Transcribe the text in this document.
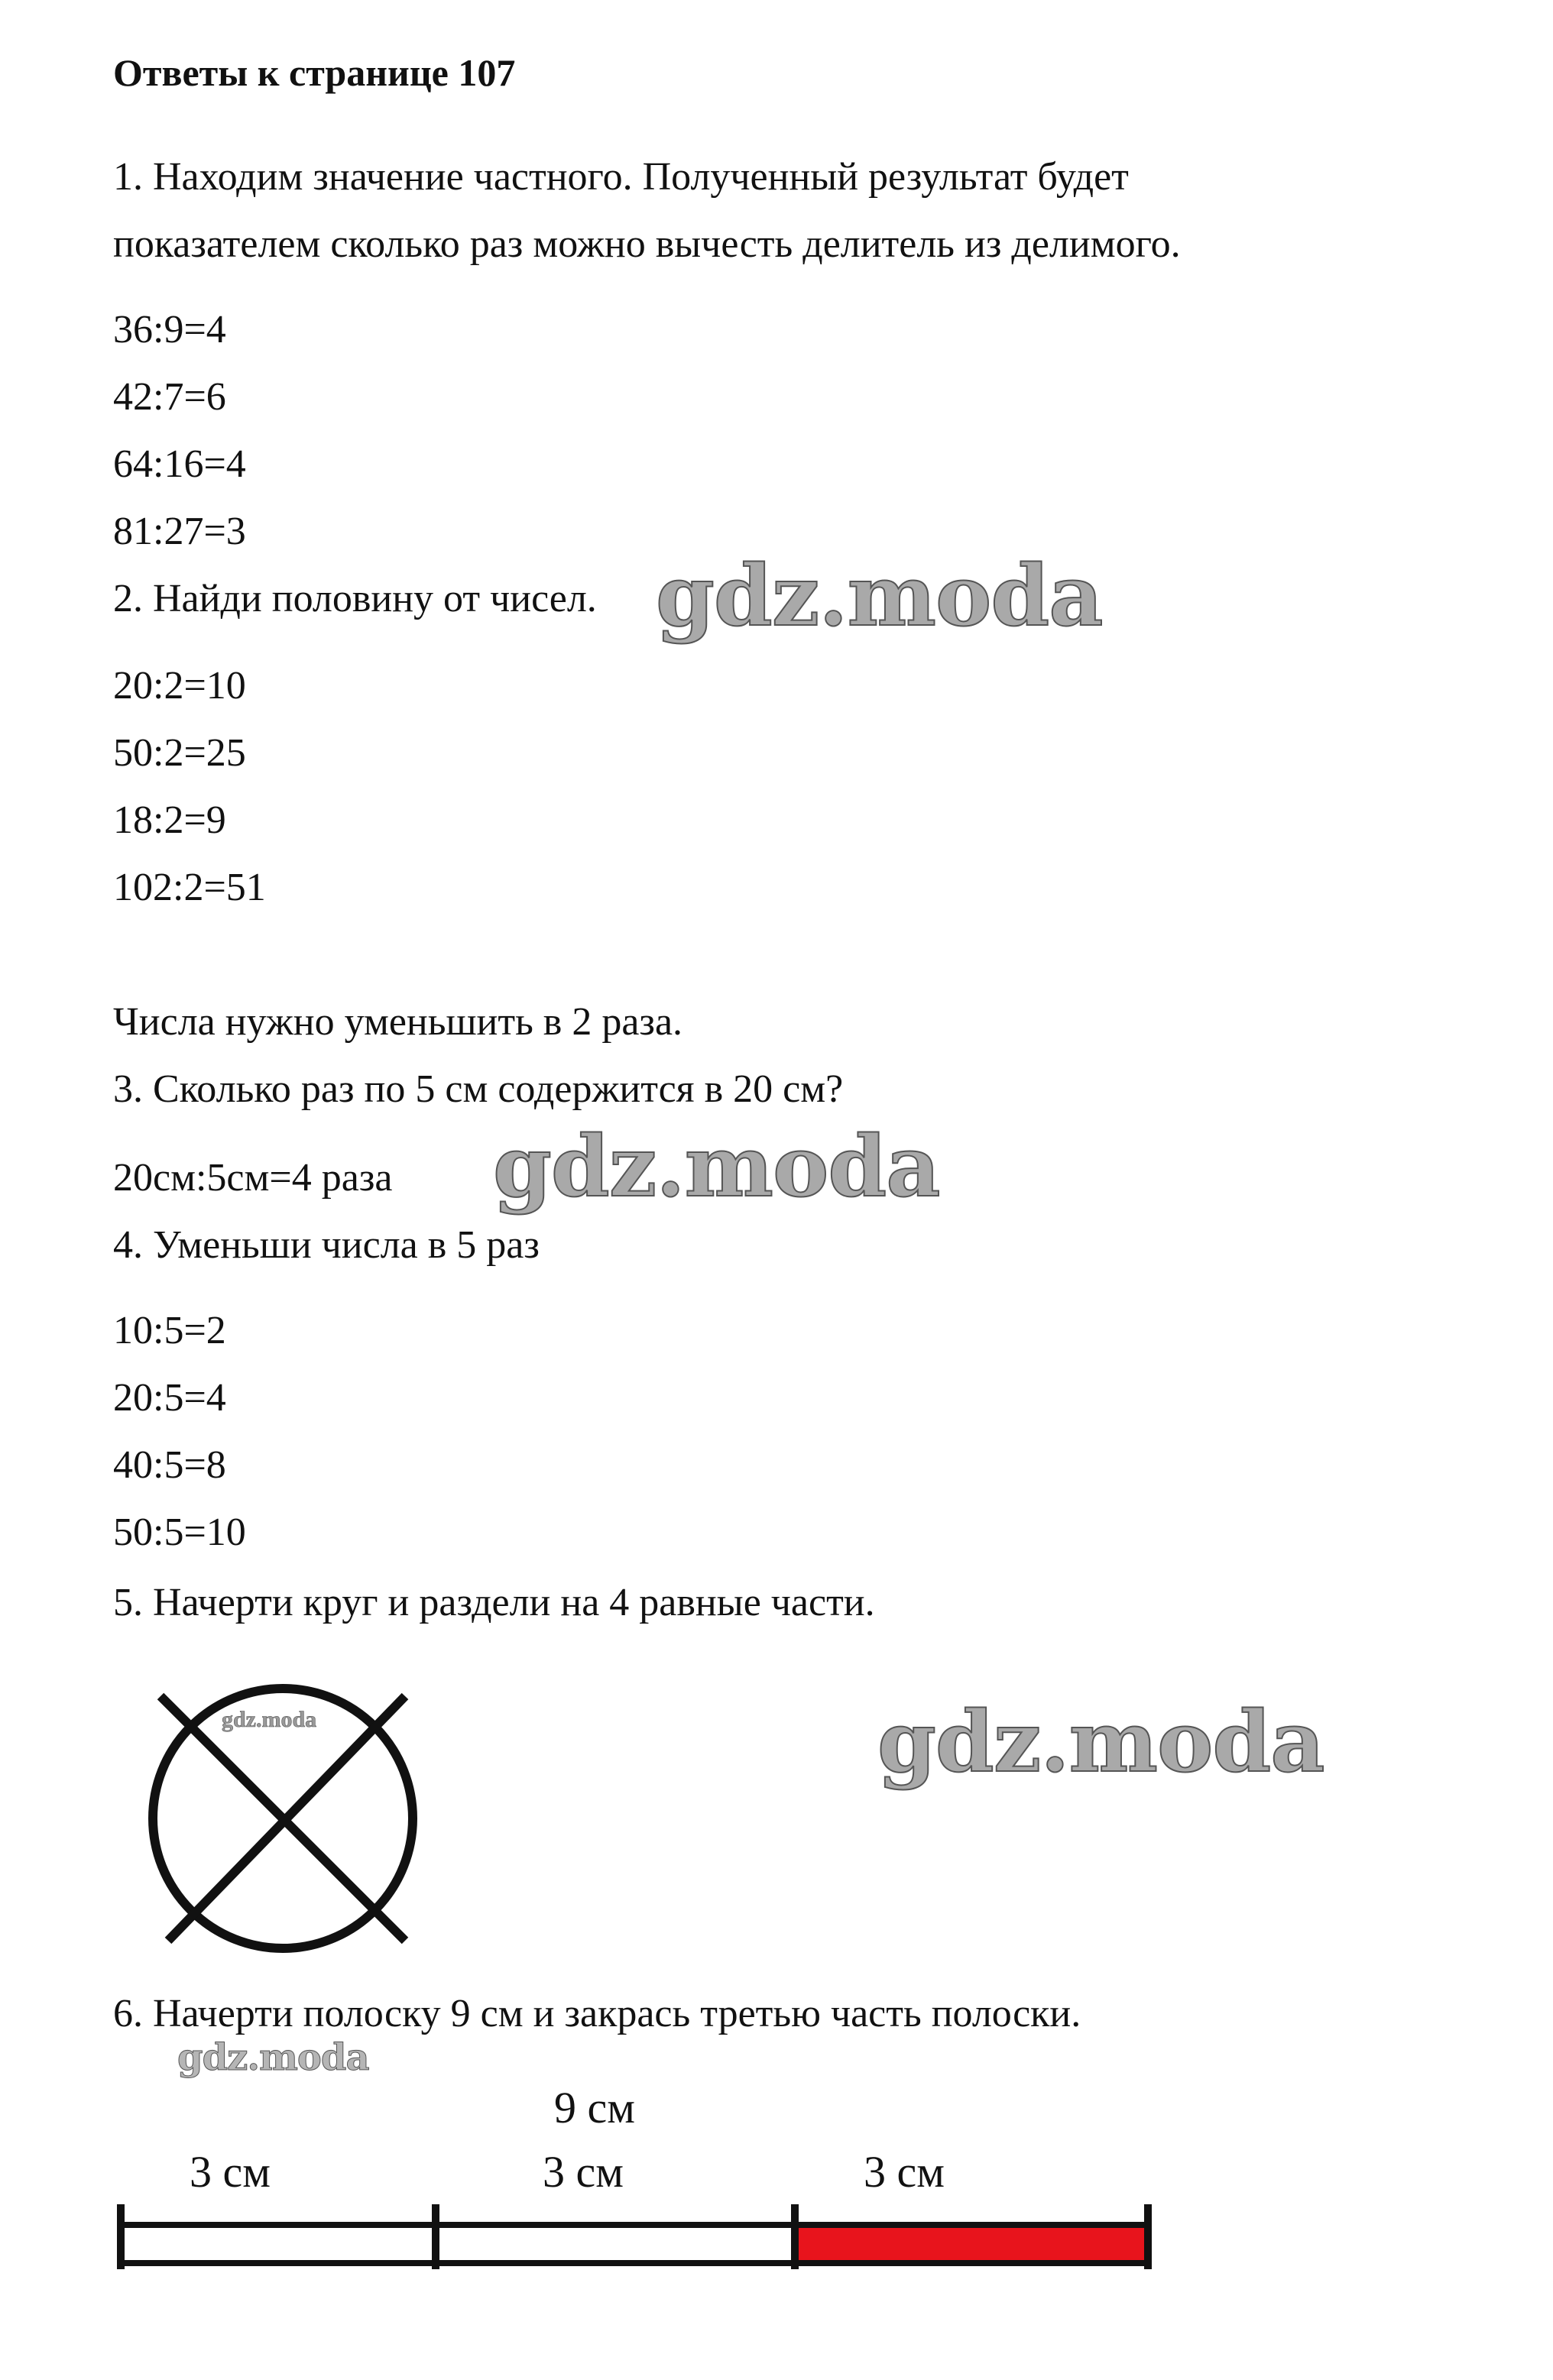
Ответы к странице 107
1. Находим значение частного. Полученный результат будет
показателем сколько раз можно вычесть делитель из делимого.
36:9=4
42:7=6
64:16=4
81:27=3
2. Найди половину от чисел. gdz.moda
20:2=10
50:2=25
18:2=9
102:2=51
Числа нужно уменьшить в 2 раза.
3. Сколько раз по 5 см содержится в 20 см?
20см:5см=4 раза gdz.moda
4. Уменьши числа в 5 раз
10:5=2
20:5=4
40:5=8
50:5=10
5. Начерти круг и раздели на 4 равные части.
gdz.moda	gdz.moda
6. Начерти полоску 9 см и закрась третью часть полоски.
gdz.moda
9 см
3 см	3 см	3 см
